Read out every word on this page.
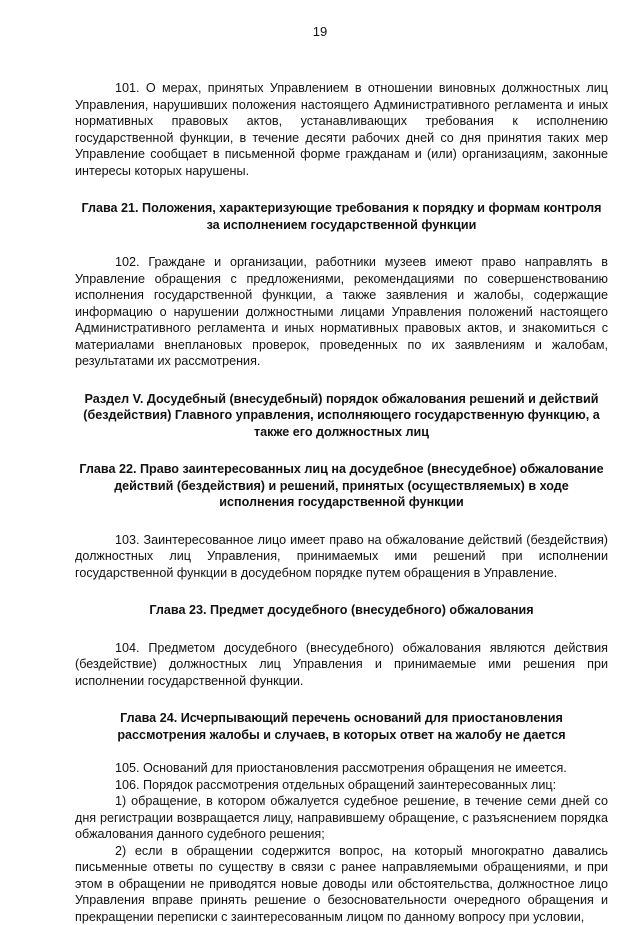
19

101. О мерах, принятых Управлением в отношении виновных должностных лиц Управления, нарушивших положения настоящего Административного регламента и иных нормативных правовых актов, устанавливающих требования к исполнению государственной функции, в течение десяти рабочих дней со дня принятия таких мер Управление сообщает в письменной форме гражданам и (или) организациям, законные интересы которых нарушены.

Глава 21. Положения, характеризующие требования к порядку и формам контроля за исполнением государственной функции

102. Граждане и организации, работники музеев имеют право направлять в Управление обращения с предложениями, рекомендациями по совершенствованию исполнения государственной функции, а также заявления и жалобы, содержащие информацию о нарушении должностными лицами Управления положений настоящего Административного регламента и иных нормативных правовых актов, и знакомиться с материалами внеплановых проверок, проведенных по их заявлениям и жалобам, результатами их рассмотрения.

Раздел V. Досудебный (внесудебный) порядок обжалования решений и действий (бездействия) Главного управления, исполняющего государственную функцию, а также его должностных лиц
Глава 22. Право заинтересованных лиц на досудебное (внесудебное) обжалование действий (бездействия) и решений, принятых (осуществляемых) в ходе исполнения государственной функции

103. Заинтересованное лицо имеет право на обжалование действий (бездействия) должностных лиц Управления, принимаемых ими решений при исполнении государственной функции в досудебном порядке путем обращения в Управление.

Глава 23. Предмет досудебного (внесудебного) обжалования

104. Предметом досудебного (внесудебного) обжалования являются действия (бездействие) должностных лиц Управления и принимаемые ими решения при исполнении государственной функции.

Глава 24. Исчерпывающий перечень оснований для приостановления рассмотрения жалобы и случаев, в которых ответ на жалобу не дается

105. Оснований для приостановления рассмотрения обращения не имеется.

106. Порядок рассмотрения отдельных обращений заинтересованных лиц:

1) обращение, в котором обжалуется судебное решение, в течение семи дней со дня регистрации возвращается лицу, направившему обращение, с разъяснением порядка обжалования данного судебного решения;

2) если в обращении содержится вопрос, на который многократно давались письменные ответы по существу в связи с ранее направляемыми обращениями, и при этом в обращении не приводятся новые доводы или обстоятельства, должностное лицо Управления вправе принять решение о безосновательности очередного обращения и прекращении переписки с заинтересованным лицом по данному вопросу при условии,
